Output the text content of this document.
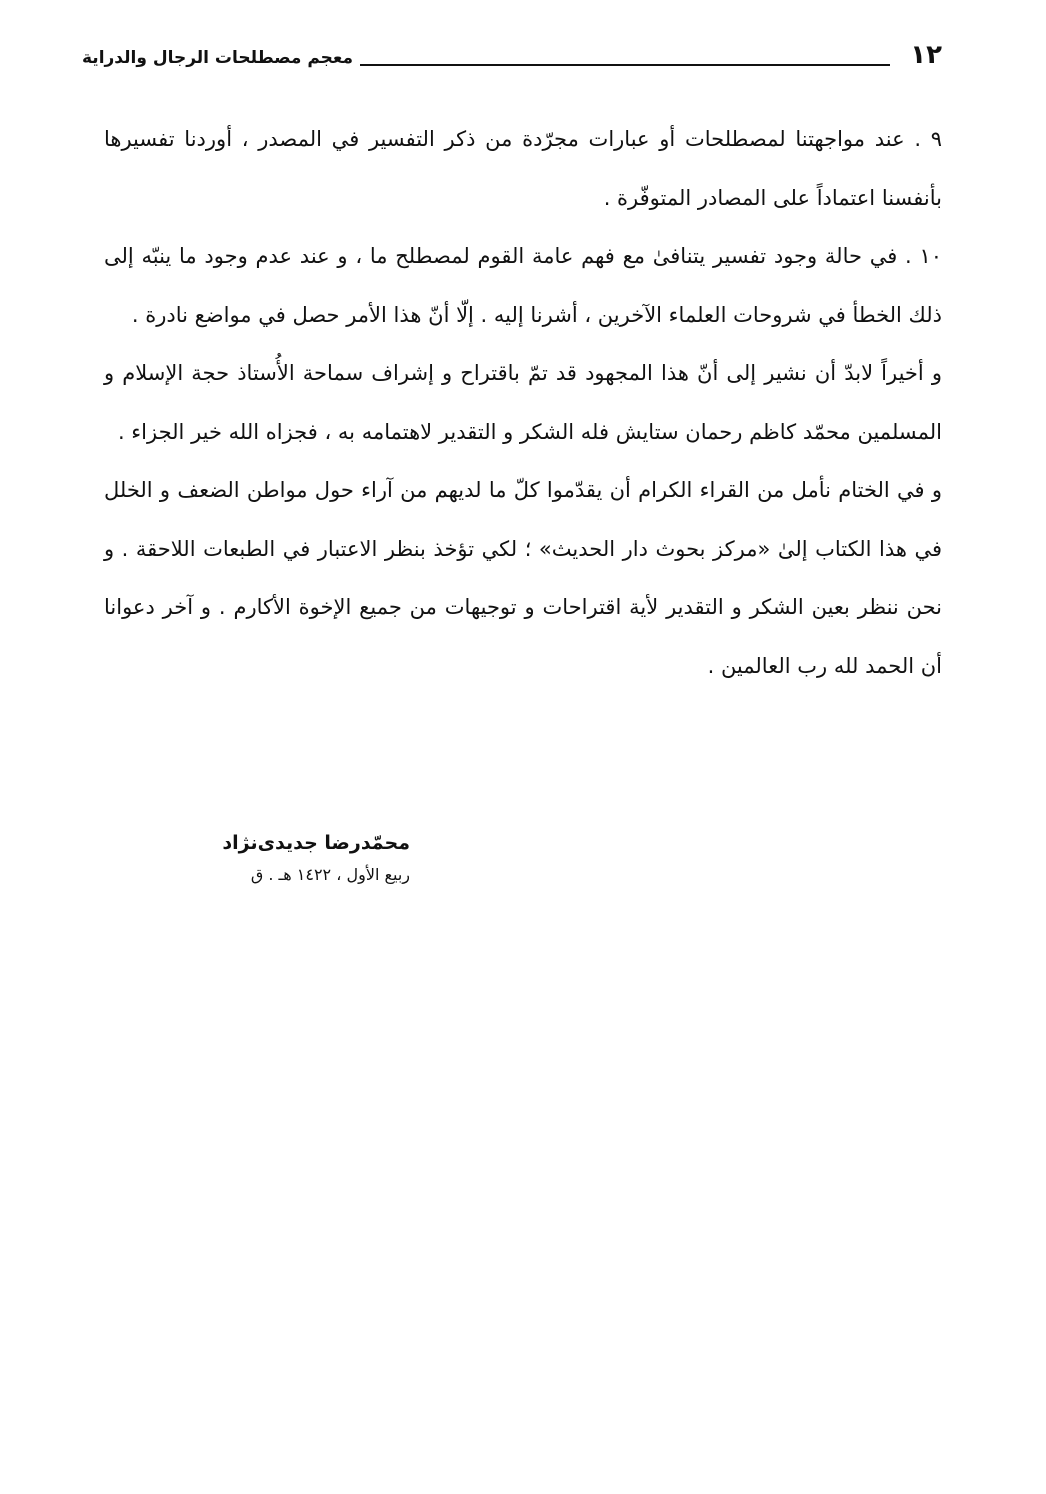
معجم مصطلحات الرجال والدراية	١٢

٩ . عند مواجهتنا لمصطلحات أو عبارات مجرّدة من ذكر التفسير في المصدر ، أوردنا تفسيرها بأنفسنا اعتماداً على المصادر المتوفّرة .

١٠ . في حالة وجود تفسير يتنافىٰ مع فهم عامة القوم لمصطلح ما ، و عند عدم وجود ما ينبّه إلى ذلك الخطأ في شروحات العلماء الآخرين ، أشرنا إليه . إلّا أنّ هذا الأمر حصل في مواضع نادرة .

و أخيراً لابدّ أن نشير إلى أنّ هذا المجهود قد تمّ باقتراح و إشراف سماحة الأُستاذ حجة الإسلام و المسلمين محمّد كاظم رحمان ستايش فله الشكر و التقدير لاهتمامه به ، فجزاه الله خير الجزاء .

و في الختام نأمل من القراء الكرام أن يقدّموا كلّ ما لديهم من آراء حول مواطن الضعف و الخلل في هذا الكتاب إلىٰ «مركز بحوث دار الحديث» ؛ لكي تؤخذ بنظر الاعتبار في الطبعات اللاحقة . و نحن ننظر بعين الشكر و التقدير لأية اقتراحات و توجيهات من جميع الإخوة الأكارم . و آخر دعوانا أن الحمد لله رب العالمين .

محمّدرضا جديدى‌نژاد
ربيع الأول ، ١٤٢٢ هـ . ق
